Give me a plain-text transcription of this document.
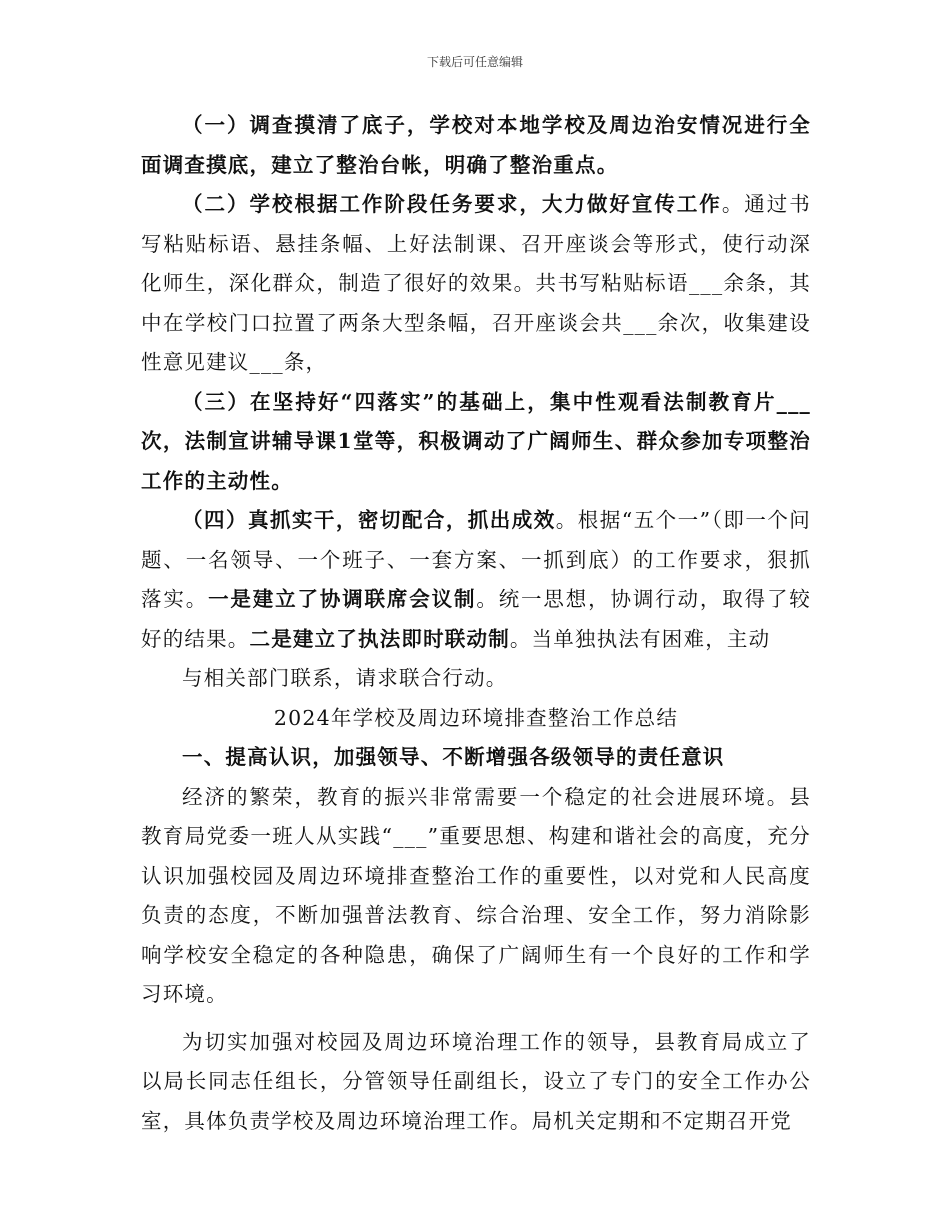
下载后可任意编辑

（一）调查摸清了底子，学校对本地学校及周边治安情况进行全面调查摸底，建立了整治台帐，明确了整治重点。

（二）学校根据工作阶段任务要求，大力做好宣传工作。通过书写粘贴标语、悬挂条幅、上好法制课、召开座谈会等形式，使行动深化师生，深化群众，制造了很好的效果。共书写粘贴标语___余条，其中在学校门口拉置了两条大型条幅，召开座谈会共___余次，收集建设性意见建议___条，

（三）在坚持好“四落实”的基础上，集中性观看法制教育片___次，法制宣讲辅导课1堂等，积极调动了广阔师生、群众参加专项整治工作的主动性。

（四）真抓实干，密切配合，抓出成效。根据“五个一”（即一个问题、一名领导、一个班子、一套方案、一抓到底）的工作要求，狠抓落实。一是建立了协调联席会议制。统一思想，协调行动，取得了较好的结果。二是建立了执法即时联动制。当单独执法有困难，主动

与相关部门联系，请求联合行动。

2024年学校及周边环境排查整治工作总结

一、提高认识，加强领导、不断增强各级领导的责任意识

经济的繁荣，教育的振兴非常需要一个稳定的社会进展环境。县教育局党委一班人从实践“___”重要思想、构建和谐社会的高度，充分认识加强校园及周边环境排查整治工作的重要性，以对党和人民高度负责的态度，不断加强普法教育、综合治理、安全工作，努力消除影响学校安全稳定的各种隐患，确保了广阔师生有一个良好的工作和学习环境。

为切实加强对校园及周边环境治理工作的领导，县教育局成立了以局长同志任组长，分管领导任副组长，设立了专门的安全工作办公室，具体负责学校及周边环境治理工作。局机关定期和不定期召开党
